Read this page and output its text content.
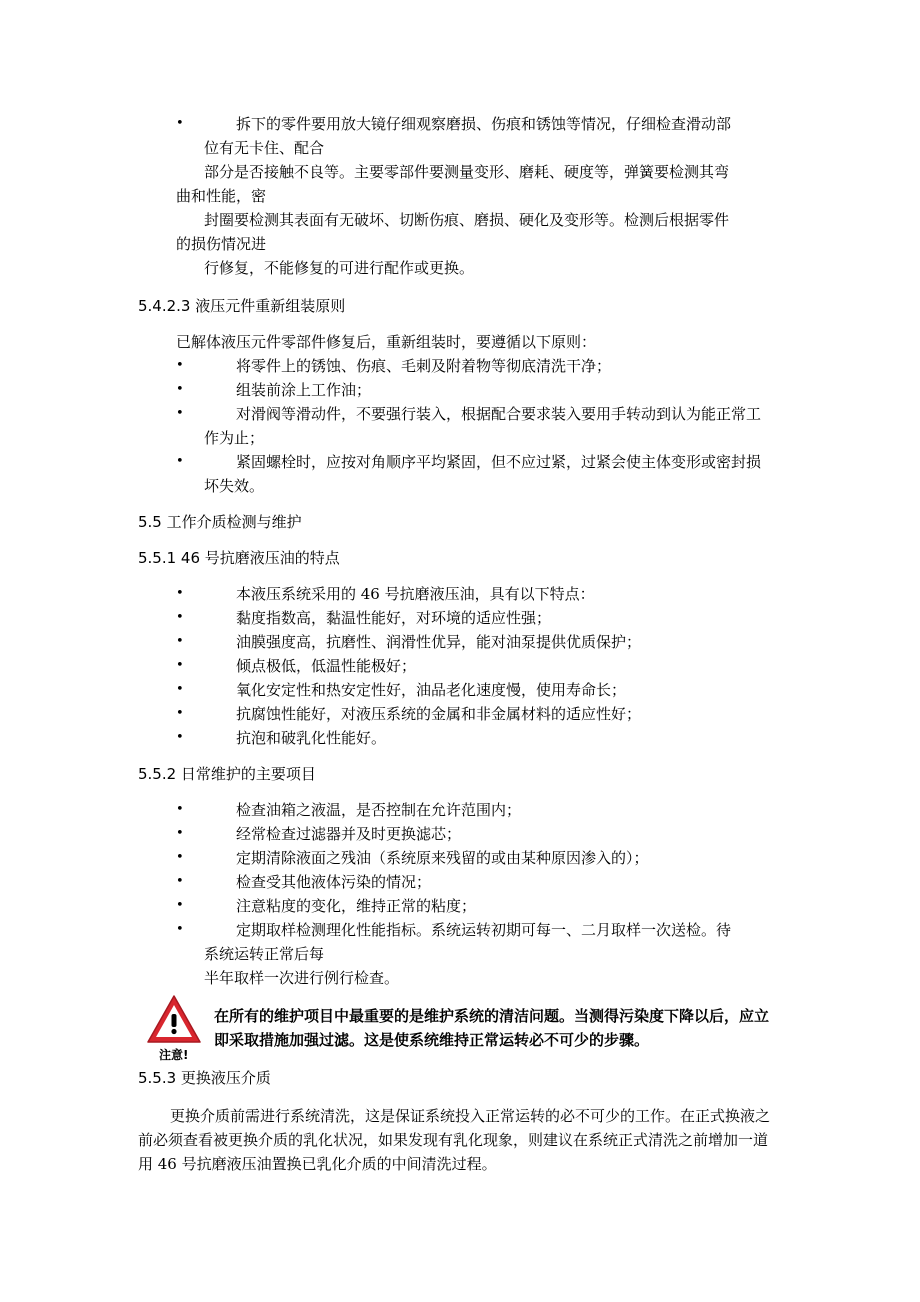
•	拆下的零件要用放大镜仔细观察磨损、伤痕和锈蚀等情况，仔细检查滑动部
位有无卡住、配合
部分是否接触不良等。主要零部件要测量变形、磨耗、硬度等，弹簧要检测其弯
曲和性能，密
封圈要检测其表面有无破坏、切断伤痕、磨损、硬化及变形等。检测后根据零件
的损伤情况进
行修复，不能修复的可进行配作或更换。
5.4.2.3 液压元件重新组装原则
已解体液压元件零部件修复后，重新组装时，要遵循以下原则：
•	将零件上的锈蚀、伤痕、毛刺及附着物等彻底清洗干净；
•	组装前涂上工作油；
•	对滑阀等滑动件，不要强行装入，根据配合要求装入要用手转动到认为能正常工作为止；
•	紧固螺栓时，应按对角顺序平均紧固，但不应过紧，过紧会使主体变形或密封损坏失效。
5.5 工作介质检测与维护
5.5.1 46 号抗磨液压油的特点
•	本液压系统采用的 46 号抗磨液压油，具有以下特点：
•	黏度指数高，黏温性能好，对环境的适应性强；
•	油膜强度高，抗磨性、润滑性优异，能对油泵提供优质保护；
•	倾点极低，低温性能极好；
•	氧化安定性和热安定性好，油品老化速度慢，使用寿命长；
•	抗腐蚀性能好，对液压系统的金属和非金属材料的适应性好；
•	抗泡和破乳化性能好。
5.5.2 日常维护的主要项目
•	检查油箱之液温，是否控制在允许范围内；
•	经常检查过滤器并及时更换滤芯；
•	定期清除液面之残油（系统原来残留的或由某种原因渗入的）；
•	检查受其他液体污染的情况；
•	注意粘度的变化，维持正常的粘度；
•	定期取样检测理化性能指标。系统运转初期可每一、二月取样一次送检。待
系统运转正常后每
半年取样一次进行例行检查。
注意!
在所有的维护项目中最重要的是维护系统的清洁问题。当测得污染度下降以后，应立即采取措施加强过滤。这是使系统维持正常运转必不可少的步骤。
5.5.3 更换液压介质
更换介质前需进行系统清洗，这是保证系统投入正常运转的必不可少的工作。在正式换液之前必须查看被更换介质的乳化状况，如果发现有乳化现象，则建议在系统正式清洗之前增加一道用 46 号抗磨液压油置换已乳化介质的中间清洗过程。
